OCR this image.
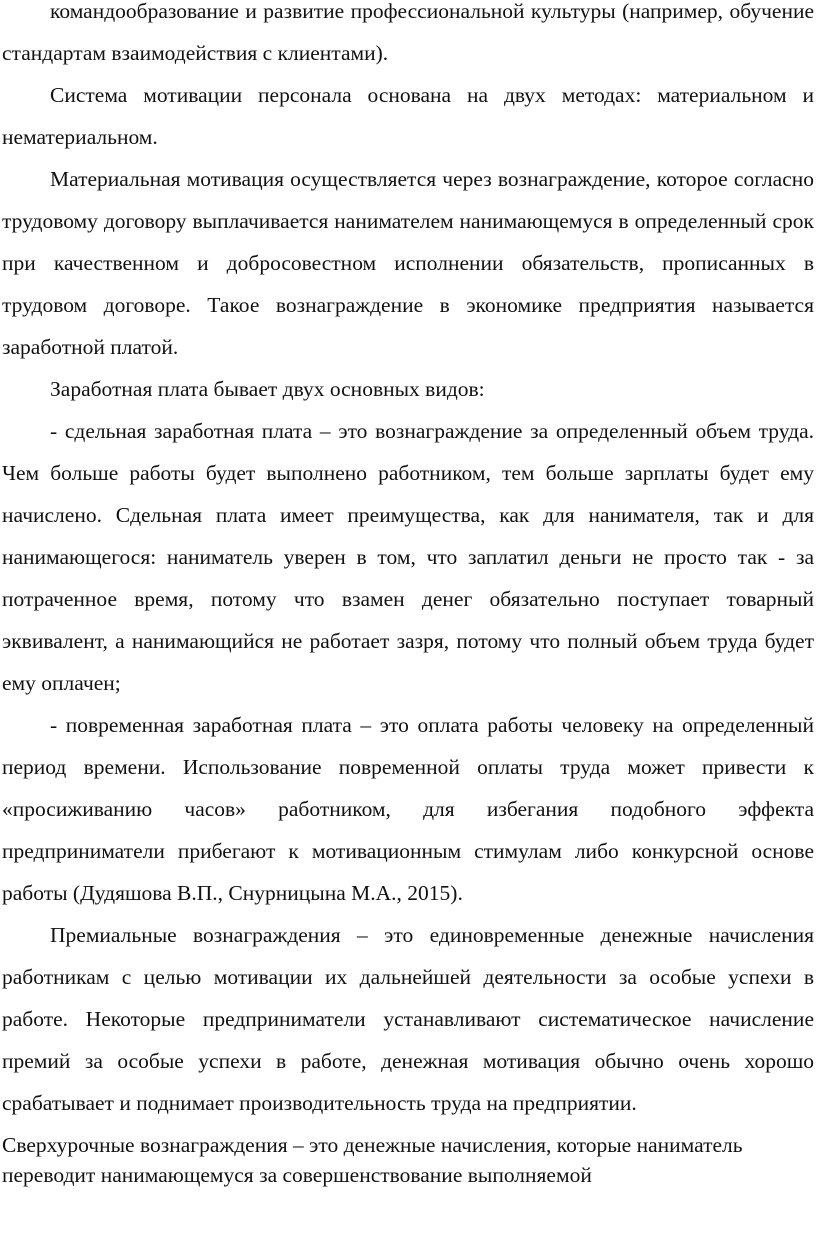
командообразование и развитие профессиональной культуры (например, обучение стандартам взаимодействия с клиентами).

Система мотивации персонала основана на двух методах: материальном и нематериальном.

Материальная мотивация осуществляется через вознаграждение, которое согласно трудовому договору выплачивается нанимателем нанимающемуся в определенный срок при качественном и добросовестном исполнении обязательств, прописанных в трудовом договоре. Такое вознаграждение в экономике предприятия называется заработной платой.

Заработная плата бывает двух основных видов:

- сдельная заработная плата – это вознаграждение за определенный объем труда. Чем больше работы будет выполнено работником, тем больше зарплаты будет ему начислено. Сдельная плата имеет преимущества, как для нанимателя, так и для нанимающегося: наниматель уверен в том, что заплатил деньги не просто так - за потраченное время, потому что взамен денег обязательно поступает товарный эквивалент, а нанимающийся не работает зазря, потому что полный объем труда будет ему оплачен;

- повременная заработная плата – это оплата работы человеку на определенный период времени. Использование повременной оплаты труда может привести к «просиживанию часов» работником, для избегания подобного эффекта предприниматели прибегают к мотивационным стимулам либо конкурсной основе работы (Дудяшова В.П., Снурницына М.А., 2015).

Премиальные вознаграждения – это единовременные денежные начисления работникам с целью мотивации их дальнейшей деятельности за особые успехи в работе. Некоторые предприниматели устанавливают систематическое начисление премий за особые успехи в работе, денежная мотивация обычно очень хорошо срабатывает и поднимает производительность труда на предприятии.

Сверхурочные вознаграждения – это денежные начисления, которые наниматель переводит нанимающемуся за совершенствование выполняемой
